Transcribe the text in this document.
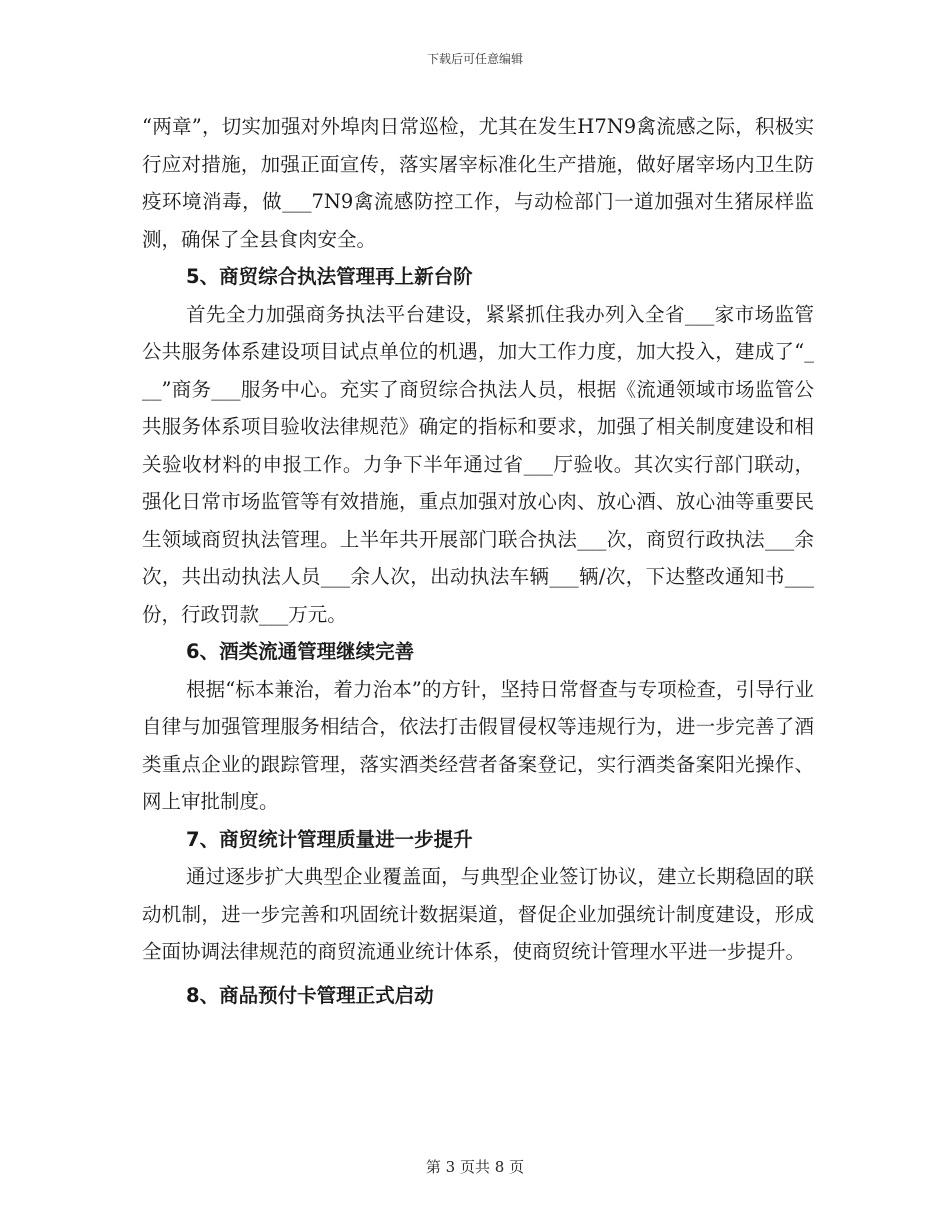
下载后可任意编辑

“两章”，切实加强对外埠肉日常巡检，尤其在发生H7N9禽流感之际，积极实行应对措施，加强正面宣传，落实屠宰标准化生产措施，做好屠宰场内卫生防疫环境消毒，做___7N9禽流感防控工作，与动检部门一道加强对生猪尿样监测，确保了全县食肉安全。

5、商贸综合执法管理再上新台阶

首先全力加强商务执法平台建设，紧紧抓住我办列入全省___家市场监管公共服务体系建设项目试点单位的机遇，加大工作力度，加大投入，建成了“___”商务___服务中心。充实了商贸综合执法人员，根据《流通领域市场监管公共服务体系项目验收法律规范》确定的指标和要求，加强了相关制度建设和相关验收材料的申报工作。力争下半年通过省___厅验收。其次实行部门联动，强化日常市场监管等有效措施，重点加强对放心肉、放心酒、放心油等重要民生领域商贸执法管理。上半年共开展部门联合执法___次，商贸行政执法___余次，共出动执法人员___余人次，出动执法车辆___辆/次，下达整改通知书___份，行政罚款___万元。

6、酒类流通管理继续完善

根据“标本兼治，着力治本”的方针，坚持日常督查与专项检查，引导行业自律与加强管理服务相结合，依法打击假冒侵权等违规行为，进一步完善了酒类重点企业的跟踪管理，落实酒类经营者备案登记，实行酒类备案阳光操作、网上审批制度。

7、商贸统计管理质量进一步提升

通过逐步扩大典型企业覆盖面，与典型企业签订协议，建立长期稳固的联动机制，进一步完善和巩固统计数据渠道，督促企业加强统计制度建设，形成全面协调法律规范的商贸流通业统计体系，使商贸统计管理水平进一步提升。

8、商品预付卡管理正式启动

第 3 页共 8 页
